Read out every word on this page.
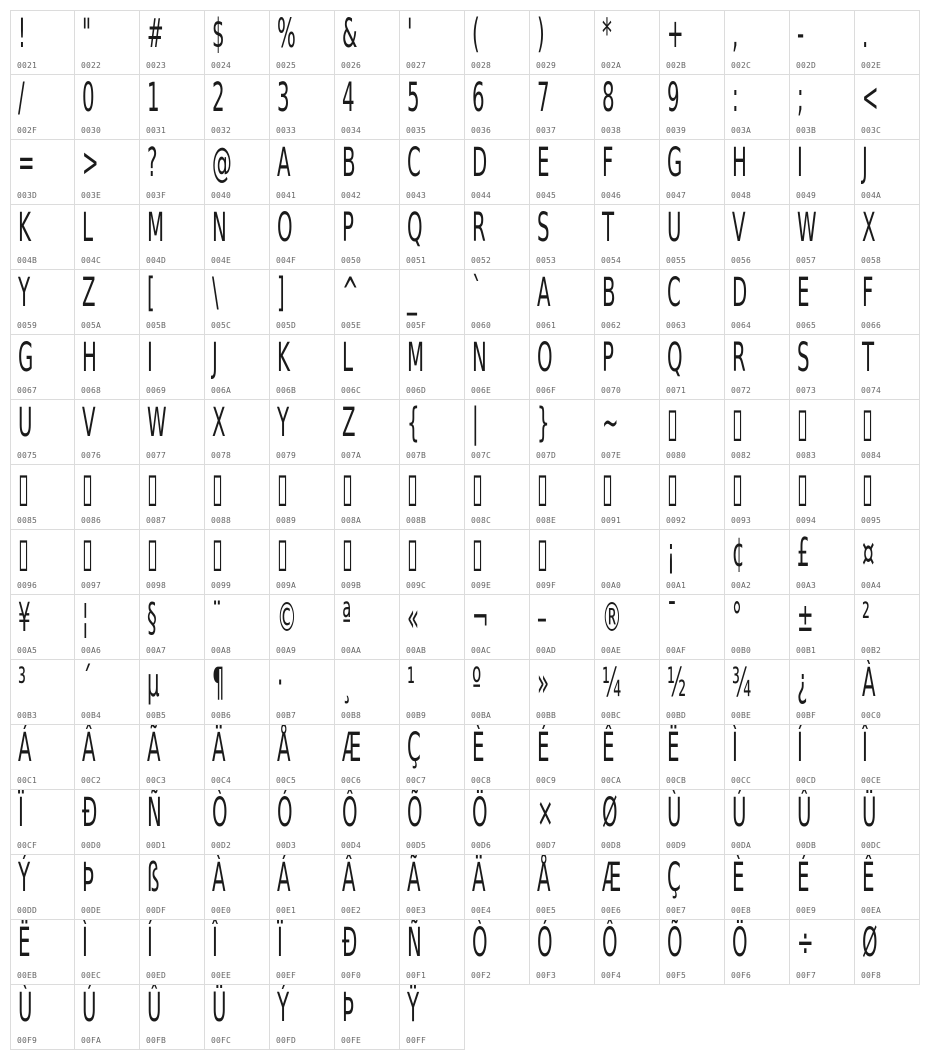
!
0021
"
0022
#
0023
$
0024
%
0025
&
0026
'
0027
(
0028
)
0029
*
002A
+
002B
,
002C
-
002D
.
002E
/
002F
0
0030
1
0031
2
0032
3
0033
4
0034
5
0035
6
0036
7
0037
8
0038
9
0039
:
003A
;
003B
<
003C
=
003D
>
003E
?
003F
@
0040
A
0041
B
0042
C
0043
D
0044
E
0045
F
0046
G
0047
H
0048
I
0049
J
004A
K
004B
L
004C
M
004D
N
004E
O
004F
P
0050
Q
0051
R
0052
S
0053
T
0054
U
0055
V
0056
W
0057
X
0058
Y
0059
Z
005A
[
005B
\
005C
]
005D
^
005E
_
005F
`
0060
A
0061
B
0062
C
0063
D
0064
E
0065
F
0066
G
0067
H
0068
I
0069
J
006A
K
006B
L
006C
M
006D
N
006E
O
006F
P
0070
Q
0071
R
0072
S
0073
T
0074
U
0075
V
0076
W
0077
X
0078
Y
0079
Z
007A
{
007B
|
007C
}
007D
~
007E
▯
0080
▯
0082
▯
0083
▯
0084
▯
0085
▯
0086
▯
0087
▯
0088
▯
0089
▯
008A
▯
008B
▯
008C
▯
008E
▯
0091
▯
0092
▯
0093
▯
0094
▯
0095
▯
0096
▯
0097
▯
0098
▯
0099
▯
009A
▯
009B
▯
009C
▯
009E
▯
009F	00A0
¡
00A1
¢
00A2
£
00A3
¤
00A4
¥
00A5
¦
00A6
§
00A7
¨
00A8
©
00A9
ª
00AA
«
00AB
¬
00AC
–
00AD
®
00AE
¯
00AF
°
00B0
±
00B1
²
00B2
³
00B3
´
00B4
µ
00B5
¶
00B6
·
00B7
¸
00B8
¹
00B9
º
00BA
»
00BB
¼
00BC
½
00BD
¾
00BE
¿
00BF
À
00C0
Á
00C1
Â
00C2
Ã
00C3
Ä
00C4
Å
00C5
Æ
00C6
Ç
00C7
È
00C8
É
00C9
Ê
00CA
Ë
00CB
Ì
00CC
Í
00CD
Î
00CE
Ï
00CF
Ð
00D0
Ñ
00D1
Ò
00D2
Ó
00D3
Ô
00D4
Õ
00D5
Ö
00D6
×
00D7
Ø
00D8
Ù
00D9
Ú
00DA
Û
00DB
Ü
00DC
Ý
00DD
Þ
00DE
ß
00DF
À
00E0
Á
00E1
Â
00E2
Ã
00E3
Ä
00E4
Å
00E5
Æ
00E6
Ç
00E7
È
00E8
É
00E9
Ê
00EA
Ë
00EB
Ì
00EC
Í
00ED
Î
00EE
Ï
00EF
Ð
00F0
Ñ
00F1
Ò
00F2
Ó
00F3
Ô
00F4
Õ
00F5
Ö
00F6
÷
00F7
Ø
00F8
Ù
00F9
Ú
00FA
Û
00FB
Ü
00FC
Ý
00FD
Þ
00FE
Ÿ
00FF
